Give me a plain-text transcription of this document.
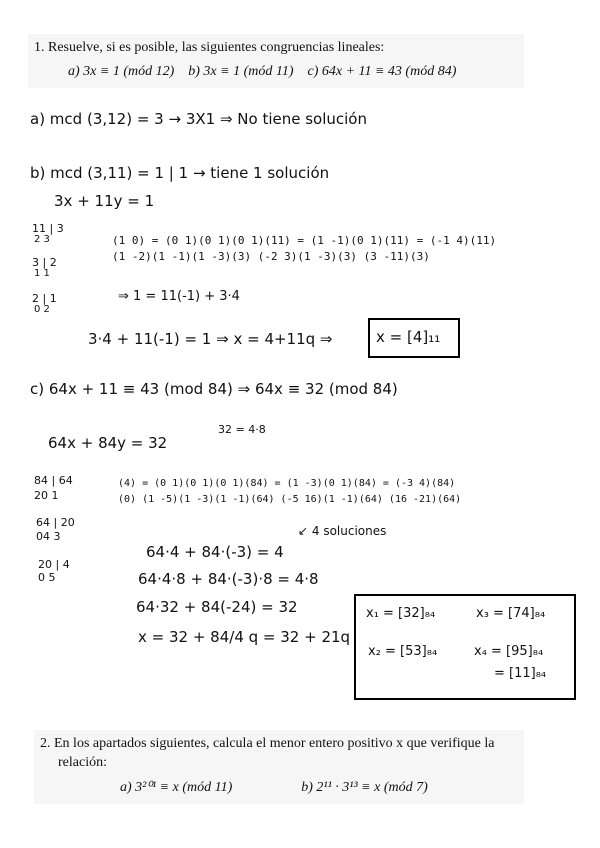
1. Resuelve, si es posible, las siguientes congruencias lineales:
a) 3x ≡ 1 (mód 12) b) 3x ≡ 1 (mód 11) c) 64x + 11 ≡ 43 (mód 84)
a) mcd (3,12) = 3 → 3X1 ⇒ No tiene solución
b) mcd (3,11) = 1 | 1 → tiene 1 solución
3x + 11y = 1
11 | 3
2 3
3 | 2
1 1
2 | 1
0 2
(1 0) = (0 1)(0 1)(0 1)(11) = (1 -1)(0 1)(11) = (-1 4)(11)
(1 -2)(1 -1)(1 -3)(3) (-2 3)(1 -3)(3) (3 -11)(3)
⇒ 1 = 11(-1) + 3·4
3·4 + 11(-1) = 1 ⇒ x = 4+11q ⇒	x = [4]₁₁
c) 64x + 11 ≡ 43 (mod 84) ⇒ 64x ≡ 32 (mod 84)
32 = 4·8
64x + 84y = 32
84 | 64
20 1
64 | 20
04 3
20 | 4
0 5
(4) = (0 1)(0 1)(0 1)(84) = (1 -3)(0 1)(84) = (-3 4)(84)
(0) (1 -5)(1 -3)(1 -1)(64) (-5 16)(1 -1)(64) (16 -21)(64)
↙ 4 soluciones
64·4 + 84·(-3) = 4
64·4·8 + 84·(-3)·8 = 4·8
64·32 + 84(-24) = 32
x = 32 + 84/4 q = 32 + 21q
x₁ = [32]₈₄	x₃ = [74]₈₄
x₂ = [53]₈₄	x₄ = [95]₈₄
= [11]₈₄
2. En los apartados siguientes, calcula el menor entero positivo x que verifique la
relación:
a) 3²⁰¹ ≡ x (mód 11)	b) 2¹¹ · 3¹³ ≡ x (mód 7)
